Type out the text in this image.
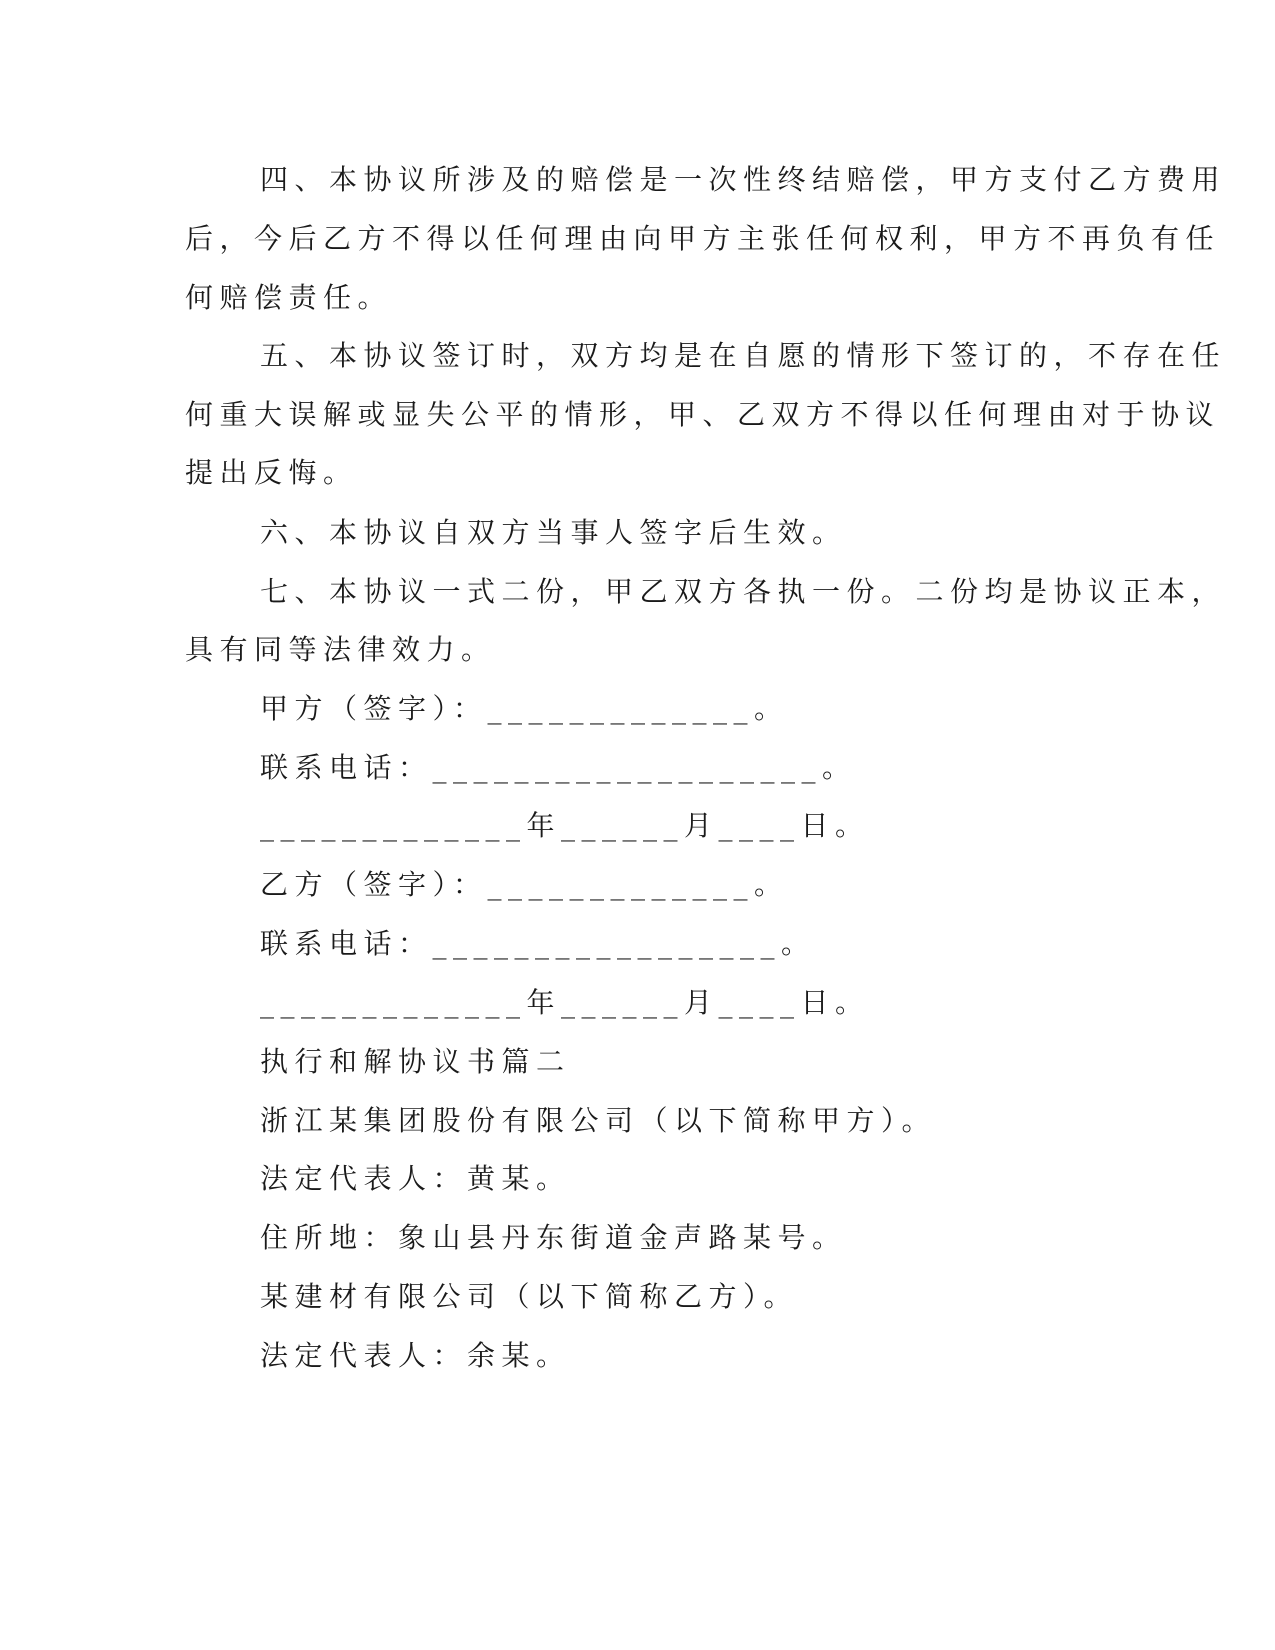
四、本协议所涉及的赔偿是一次性终结赔偿，甲方支付乙方费用
后，今后乙方不得以任何理由向甲方主张任何权利，甲方不再负有任
何赔偿责任。
五、本协议签订时，双方均是在自愿的情形下签订的，不存在任
何重大误解或显失公平的情形，甲、乙双方不得以任何理由对于协议
提出反悔。
六、本协议自双方当事人签字后生效。
七、本协议一式二份，甲乙双方各执一份。二份均是协议正本，
具有同等法律效力。
甲方（签字）：_____________。
联系电话：___________________。
_____________年______月____日。
乙方（签字）：_____________。
联系电话：_________________。
_____________年______月____日。
执行和解协议书篇二
浙江某集团股份有限公司（以下简称甲方）。
法定代表人：黄某。
住所地：象山县丹东街道金声路某号。
某建材有限公司（以下简称乙方）。
法定代表人：余某。
